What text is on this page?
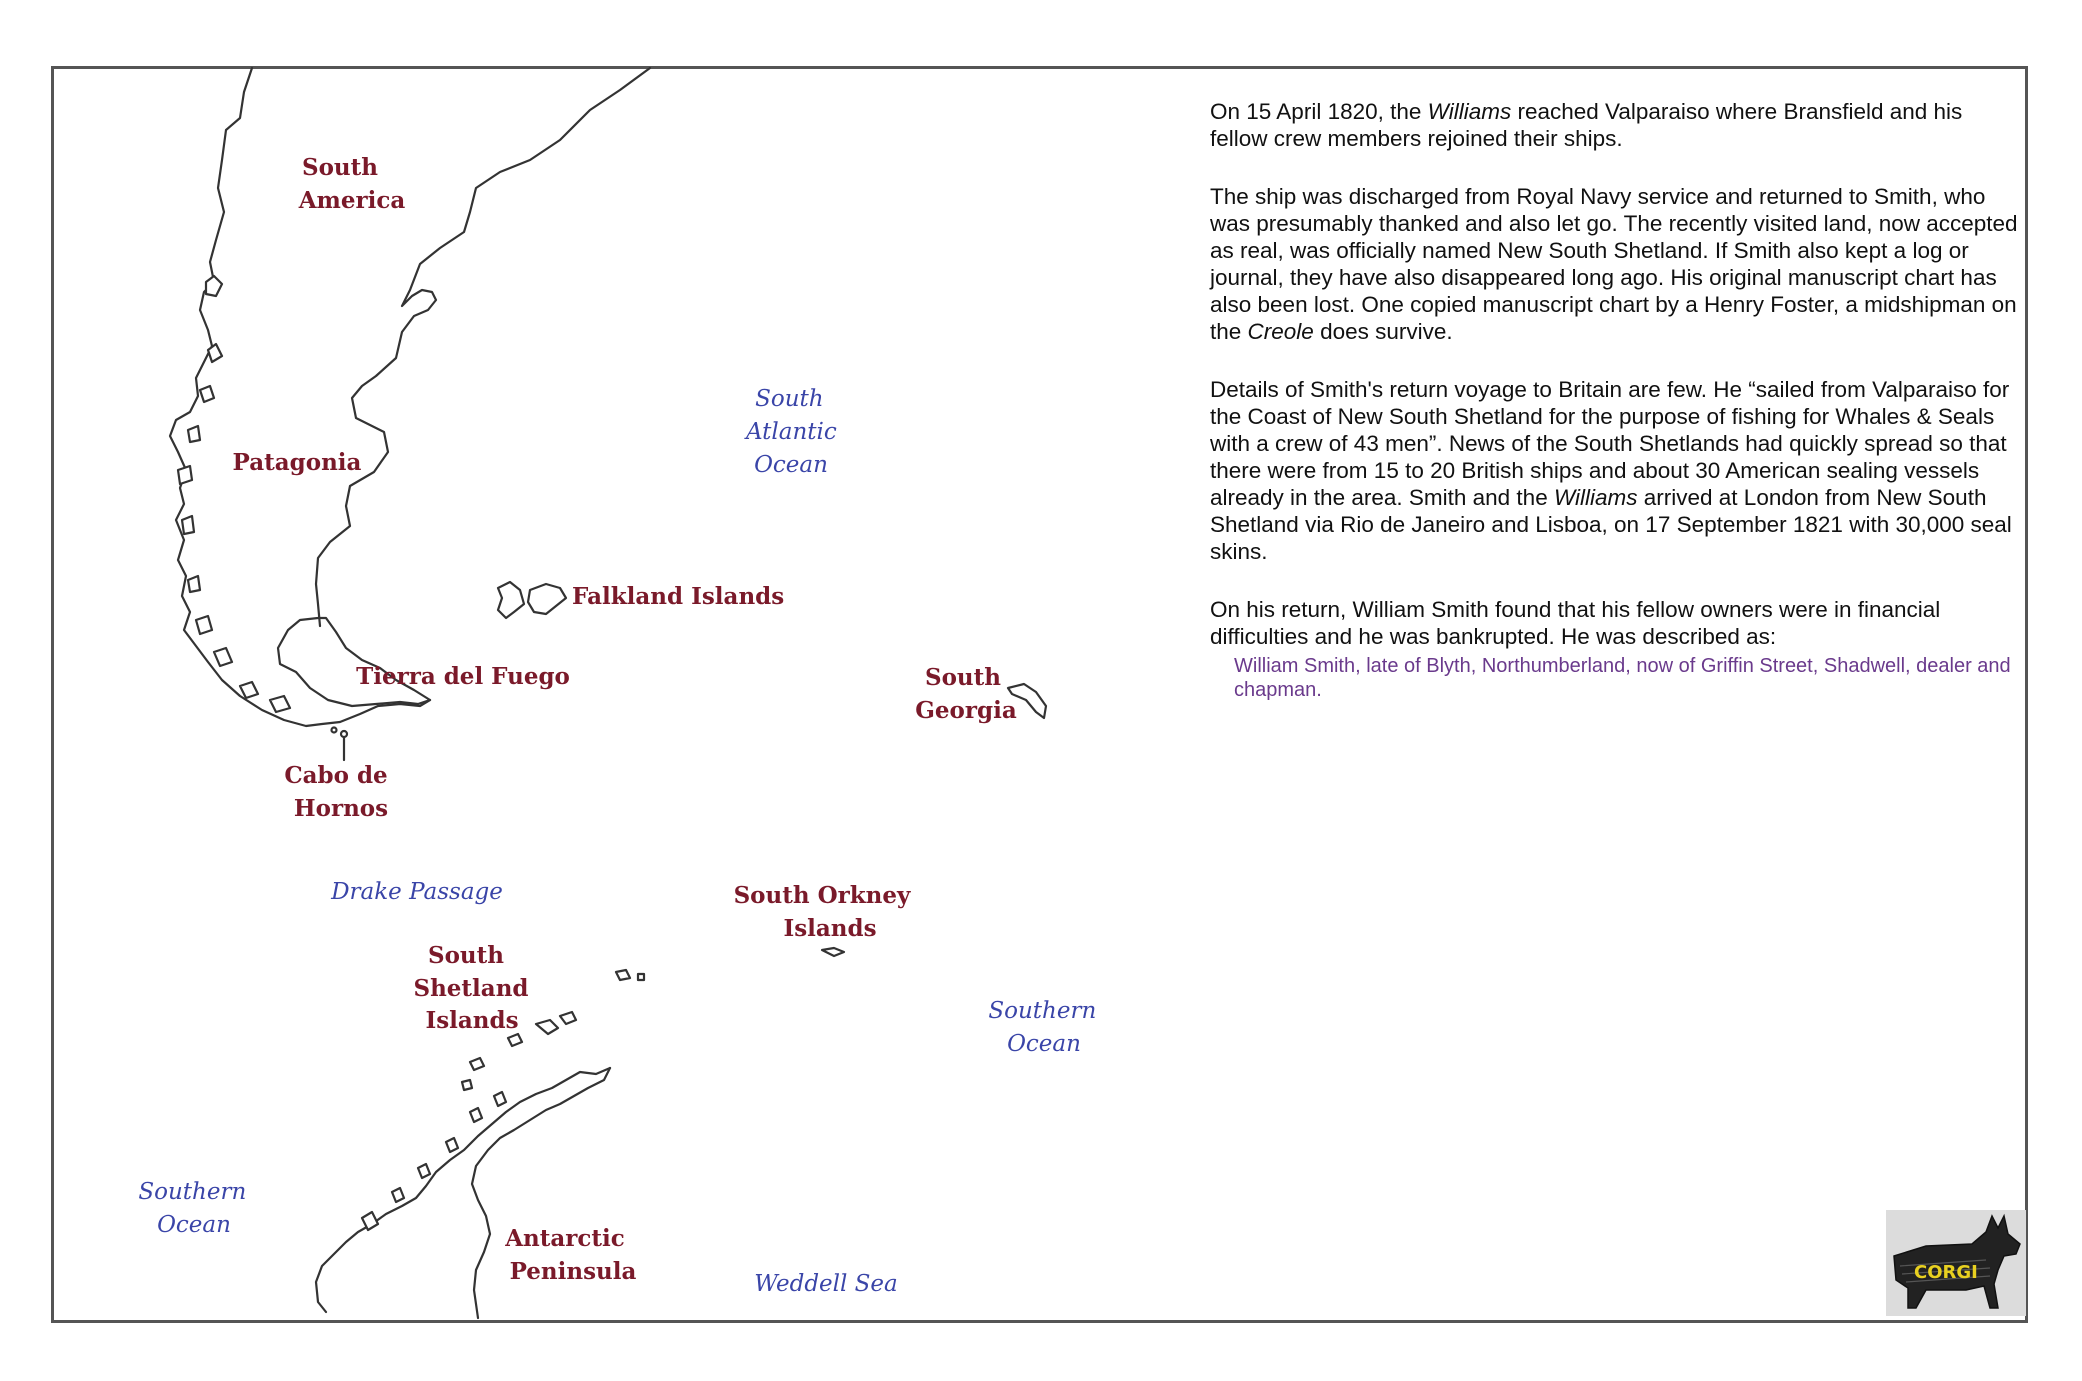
South America
Patagonia
Falkland Islands
Tierra del Fuego
Cabo de Hornos
South Georgia
South Orkney Islands
South Shetland Islands
Antarctic Peninsula
South Atlantic Ocean
Drake Passage
Southern Ocean
Southern Ocean
Weddell Sea

On 15 April 1820, the Williams reached Valparaiso where Bransfield and his fellow crew members rejoined their ships.

The ship was discharged from Royal Navy service and returned to Smith, who was presumably thanked and also let go. The recently visited land, now accepted as real, was officially named New South Shetland. If Smith also kept a log or journal, they have also disappeared long ago. His original manuscript chart has also been lost. One copied manuscript chart by a Henry Foster, a midshipman on the Creole does survive.

Details of Smith's return voyage to Britain are few. He “sailed from Valparaiso for the Coast of New South Shetland for the purpose of fishing for Whales & Seals with a crew of 43 men”. News of the South Shetlands had quickly spread so that there were from 15 to 20 British ships and about 30 American sealing vessels already in the area. Smith and the Williams arrived at London from New South Shetland via Rio de Janeiro and Lisboa, on 17 September 1821 with 30,000 seal skins.

On his return, William Smith found that his fellow owners were in financial difficulties and he was bankrupted. He was described as:

William Smith, late of Blyth, Northumberland, now of Griffin Street, Shadwell, dealer and chapman.

CORGI
